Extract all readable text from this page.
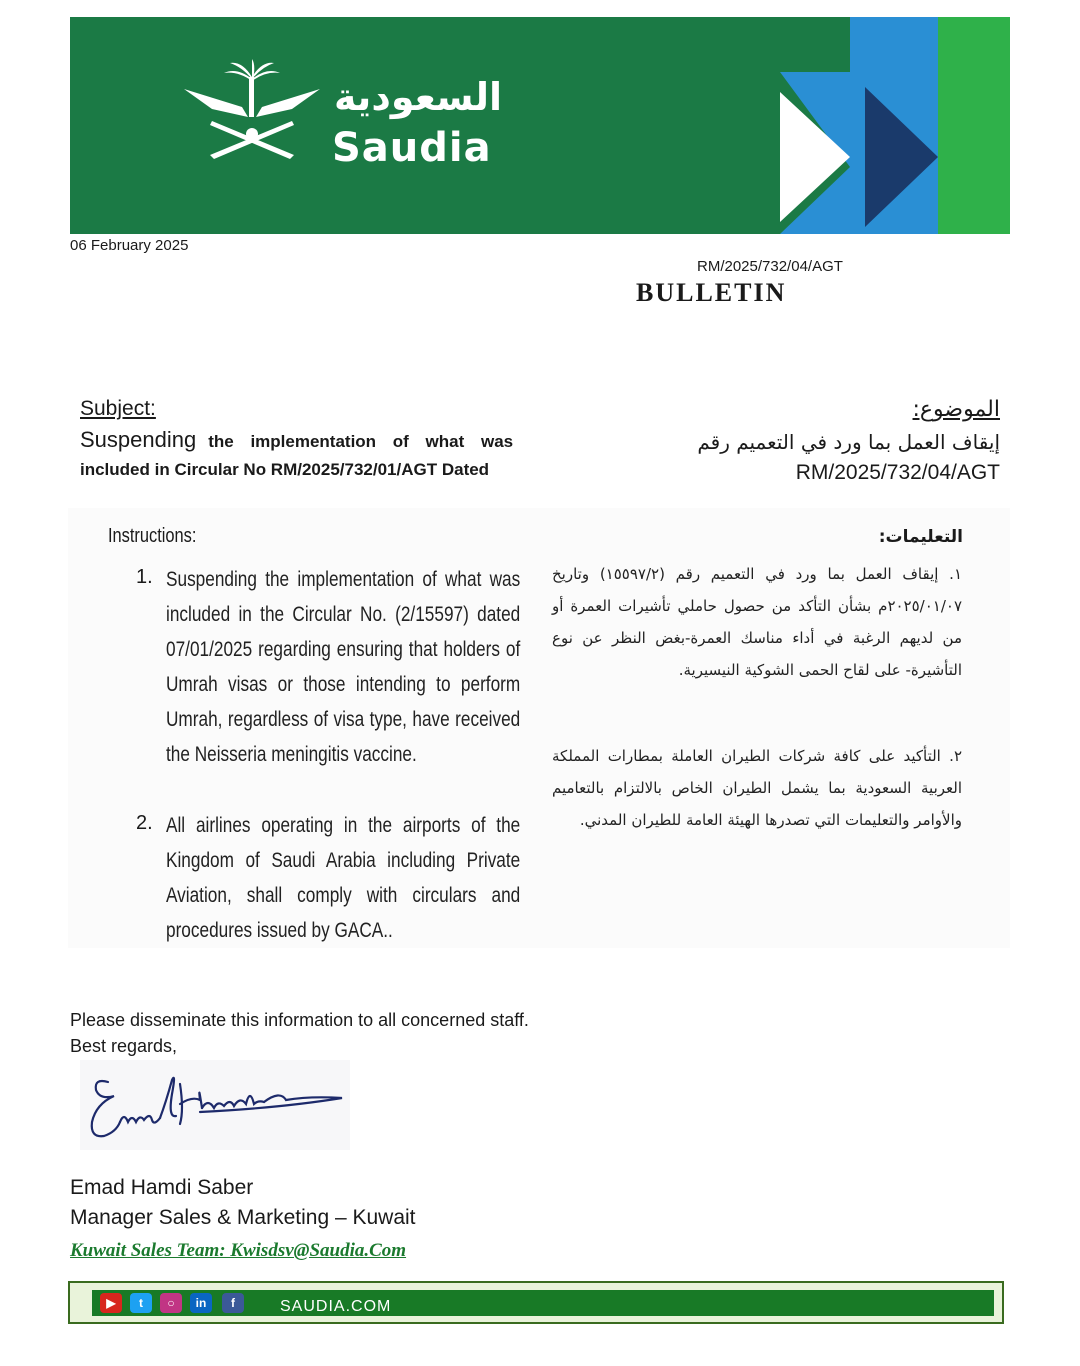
السعودية
Saudia
06 February 2025
RM/2025/732/04/AGT
BULLETIN
Subject:
Suspending the implementation of what was
included in Circular No RM/2025/732/01/AGT Dated
الموضوع:
إيقاف العمل بما ورد في التعميم رقم
RM/2025/732/04/AGT
Instructions:
1. Suspending the implementation of what was included in the Circular No. (2/15597) dated 07/01/2025 regarding ensuring that holders of Umrah visas or those intending to perform Umrah, regardless of visa type, have received the Neisseria meningitis vaccine.
2. All airlines operating in the airports of the Kingdom of Saudi Arabia including Private Aviation, shall comply with circulars and procedures issued by GACA..
التعليمات:
١. إيقاف العمل بما ورد في التعميم رقم (١٥٥٩٧/٢) وتاريخ ٢٠٢٥/٠١/٠٧م بشأن التأكد من حصول حاملي تأشيرات العمرة أو من لديهم الرغبة في أداء مناسك العمرة-بغض النظر عن نوع التأشيرة- على لقاح الحمى الشوكية النيسيرية.
٢. التأكيد على كافة شركات الطيران العاملة بمطارات المملكة العربية السعودية بما يشمل الطيران الخاص بالالتزام بالتعاميم والأوامر والتعليمات التي تصدرها الهيئة العامة للطيران المدني.
Please disseminate this information to all concerned staff.
Best regards,
Emad Hamdi Saber
Manager Sales & Marketing – Kuwait
Kuwait Sales Team: Kwisdsv@Saudia.Com
▶	t	○	in	f	SAUDIA.COM
